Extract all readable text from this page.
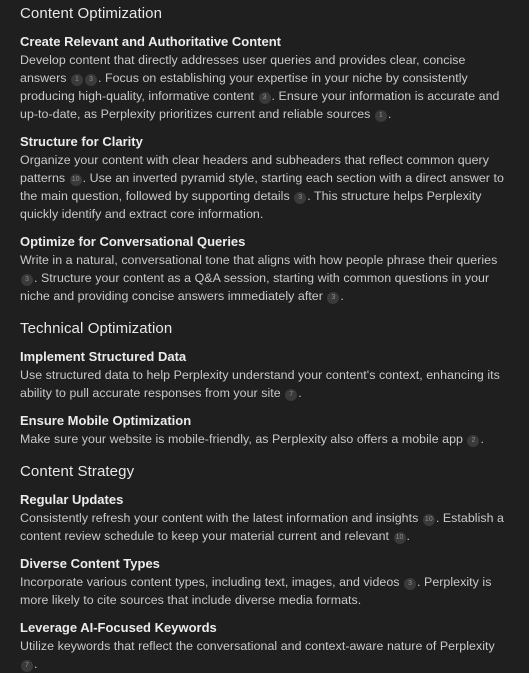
Content Optimization
Create Relevant and Authoritative Content

Develop content that directly addresses user queries and provides clear, concise answers 1 3 . Focus on establishing your expertise in your niche by consistently producing high-quality, informative content 3 . Ensure your information is accurate and up-to-date, as Perplexity prioritizes current and reliable sources 1 .

Structure for Clarity

Organize your content with clear headers and subheaders that reflect common query patterns 10 . Use an inverted pyramid style, starting each section with a direct answer to the main question, followed by supporting details 3 . This structure helps Perplexity quickly identify and extract core information.

Optimize for Conversational Queries

Write in a natural, conversational tone that aligns with how people phrase their queries 3 . Structure your content as a Q&A session, starting with common questions in your niche and providing concise answers immediately after 3 .

Technical Optimization
Implement Structured Data

Use structured data to help Perplexity understand your content's context, enhancing its ability to pull accurate responses from your site 7 .

Ensure Mobile Optimization

Make sure your website is mobile-friendly, as Perplexity also offers a mobile app 2 .

Content Strategy
Regular Updates

Consistently refresh your content with the latest information and insights 10 . Establish a content review schedule to keep your material current and relevant 10 .

Diverse Content Types

Incorporate various content types, including text, images, and videos 3 . Perplexity is more likely to cite sources that include diverse media formats.

Leverage AI-Focused Keywords

Utilize keywords that reflect the conversational and context-aware nature of Perplexity 7 .
